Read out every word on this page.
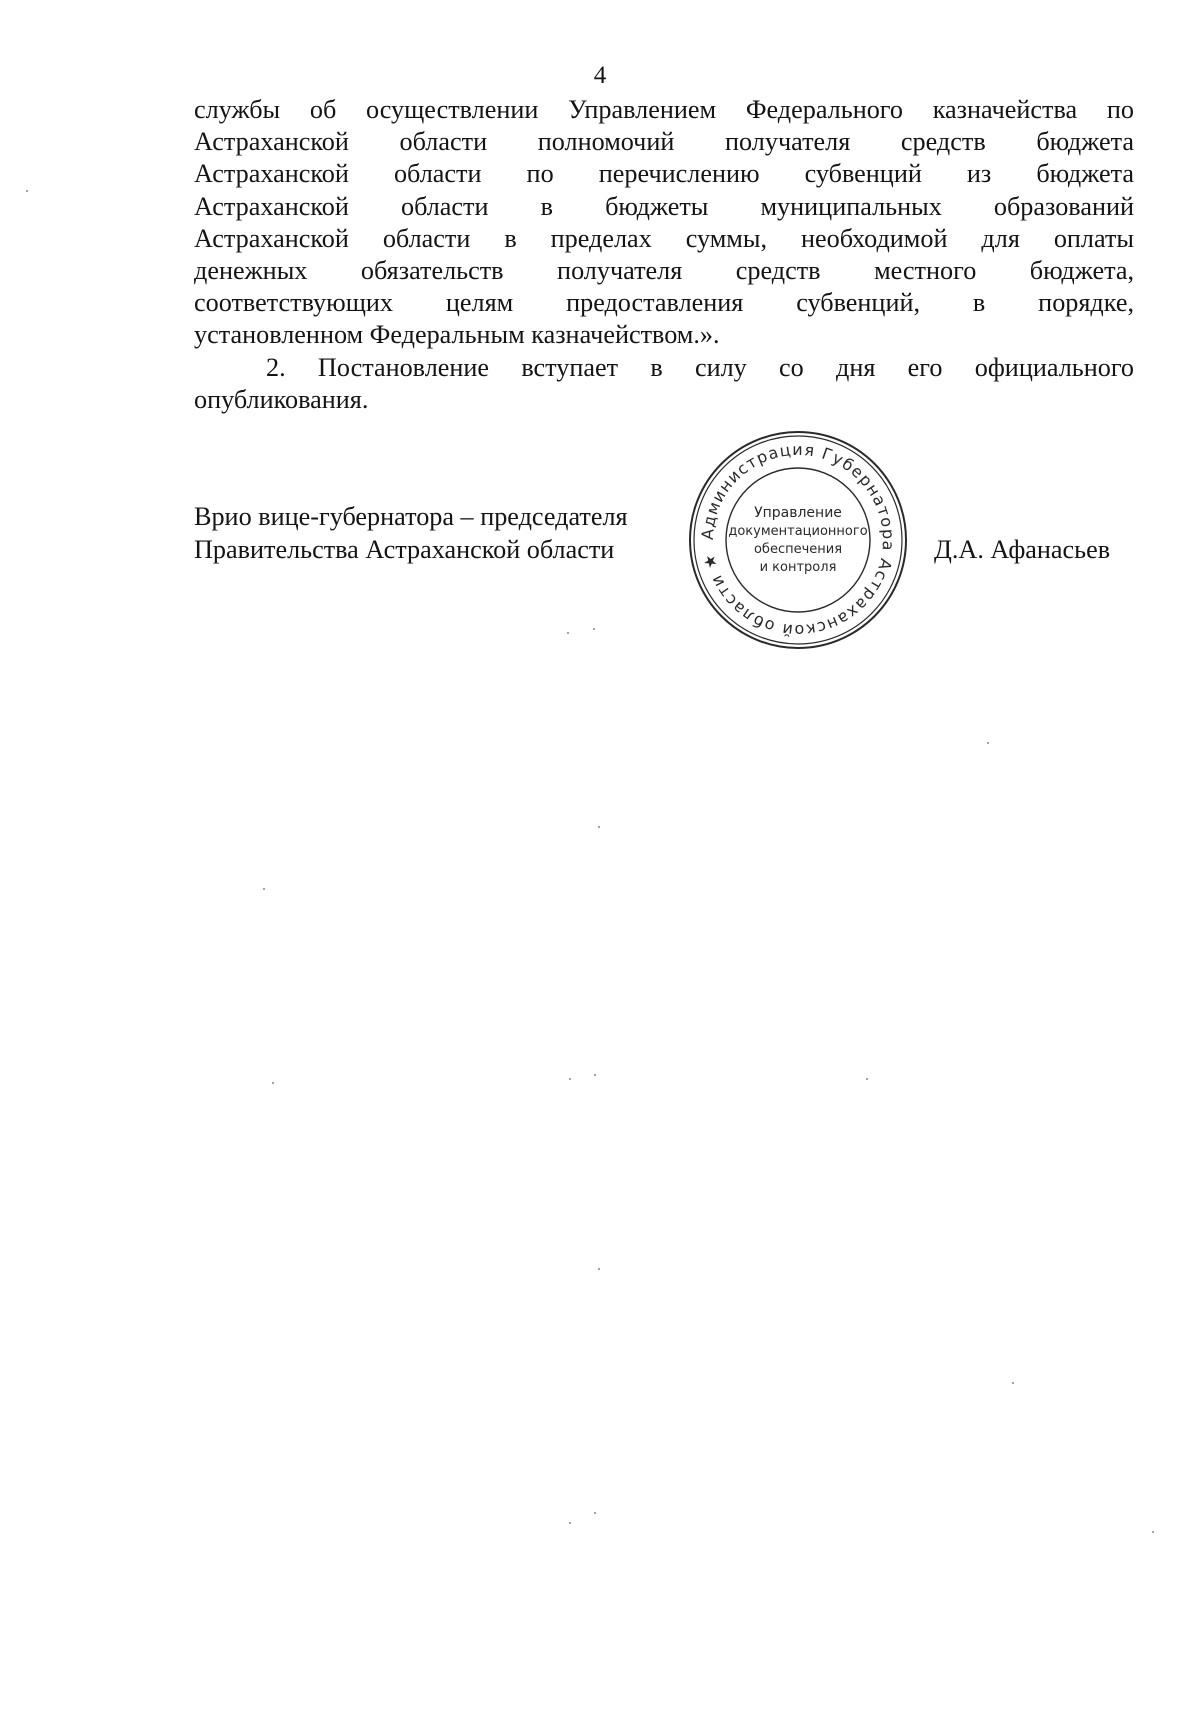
4
службы об осуществлении Управлением Федерального казначейства по
Астраханской области полномочий получателя средств бюджета
Астраханской области по перечислению субвенций из бюджета
Астраханской области в бюджеты муниципальных образований
Астраханской области в пределах суммы, необходимой для оплаты
денежных обязательств получателя средств местного бюджета,
соответствующих целям предоставления субвенций, в порядке,
установленном Федеральным казначейством.».
2. Постановление вступает в силу со дня его официального
опубликования.
Врио вице-губернатора – председателя
Правительства Астраханской области
Администрация Губернатора Астраханской области ★
Управление
документационного
обеспечения
и контроля
Д.А. Афанасьев
